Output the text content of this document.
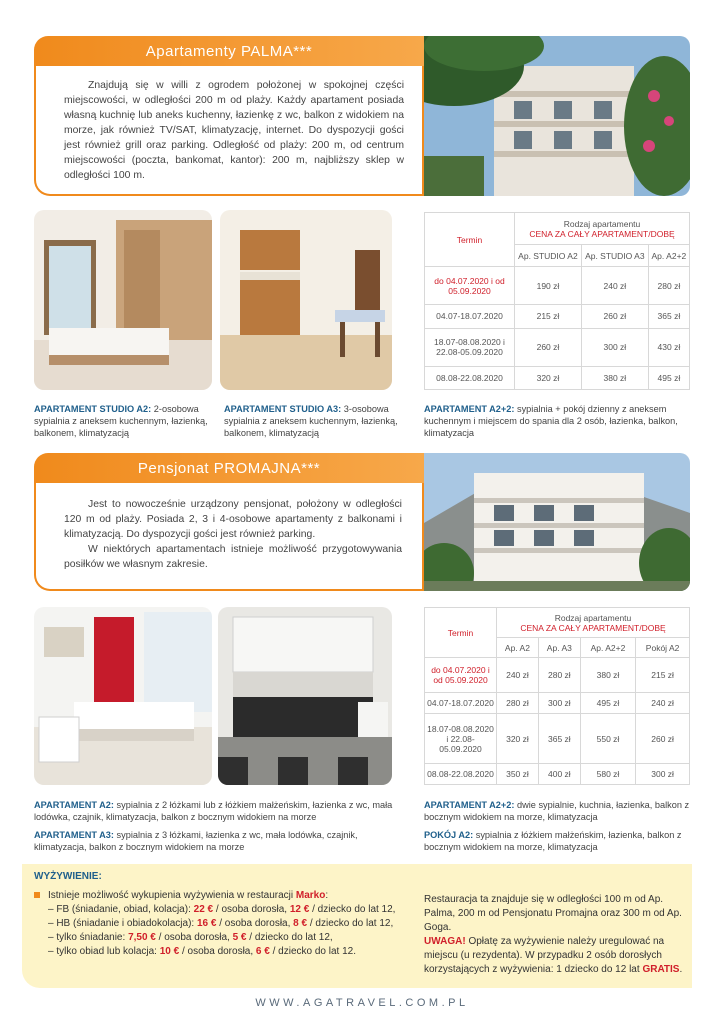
Apartamenty PALMA***

Znajdują się w willi z ogrodem położonej w spokojnej części miejscowości, w odległości 200 m od plaży. Każdy apartament posiada własną kuchnię lub aneks kuchenny, łazienkę z wc, balkon z widokiem na morze, jak również TV/SAT, klimatyzację, internet. Do dyspozycji gości jest również grill oraz parking. Odległość od plaży: 200 m, od centrum miejscowości (poczta, bankomat, kantor): 200 m, najbliższy sklep w odległości 100 m.

Termin	Rodzaj apartamentu
CENA ZA CAŁY APARTAMENT/DOBĘ		

	Ap. STUDIO A2	Ap. STUDIO A3	Ap. A2+2
do 04.07.2020 i od 05.09.2020	190 zł	240 zł	280 zł
04.07-18.07.2020	215 zł	260 zł	365 zł
18.07-08.08.2020 i 22.08-05.09.2020	260 zł	300 zł	430 zł
08.08-22.08.2020	320 zł	380 zł	495 zł
APARTAMENT STUDIO A2: 2-osobowa sypialnia z aneksem kuchennym, łazienką, balkonem, klimatyzacją
APARTAMENT STUDIO A3: 3-osobowa sypialnia z aneksem kuchennym, łazienką, balkonem, klimatyzacją
APARTAMENT A2+2: sypialnia + pokój dzienny z aneksem kuchennym i miejscem do spania dla 2 osób, łazienka, balkon, klimatyzacja
Pensjonat PROMAJNA***

Jest to nowocześnie urządzony pensjonat, położony w odległości 120 m od plaży. Posiada 2, 3 i 4-osobowe apartamenty z balkonami i klimatyzacją. Do dyspozycji gości jest również parking.

W niektórych apartamentach istnieje możliwość przygotowywania posiłków we własnym zakresie.

Termin	Rodzaj apartamentu
CENA ZA CAŁY APARTAMENT/DOBĘ			

	Ap. A2	Ap. A3	Ap. A2+2	Pokój A2
do 04.07.2020 i od 05.09.2020	240 zł	280 zł	380 zł	215 zł
04.07-18.07.2020	280 zł	300 zł	495 zł	240 zł
18.07-08.08.2020 i 22.08-05.09.2020	320 zł	365 zł	550 zł	260 zł
08.08-22.08.2020	350 zł	400 zł	580 zł	300 zł
APARTAMENT A2: sypialnia z 2 łóżkami lub z łóżkiem małżeńskim, łazienka z wc, mała lodówka, czajnik, klimatyzacja, balkon z bocznym widokiem na morze
APARTAMENT A3: sypialnia z 3 łóżkami, łazienka z wc, mała lodówka, czajnik, klimatyzacja, balkon z bocznym widokiem na morze
APARTAMENT A2+2: dwie sypialnie, kuchnia, łazienka, balkon z bocznym widokiem na morze, klimatyzacja
POKÓJ A2: sypialnia z łóżkiem małżeńskim, łazienka, balkon z bocznym widokiem na morze, klimatyzacja
WYŻYWIENIE:
Istnieje możliwość wykupienia wyżywienia w restauracji Marko:
– FB (śniadanie, obiad, kolacja): 22 € / osoba dorosła, 12 € / dziecko do lat 12,
– HB (śniadanie i obiadokolacja): 16 € / osoba dorosła, 8 € / dziecko do lat 12,
– tylko śniadanie: 7,50 € / osoba dorosła, 5 € / dziecko do lat 12,
– tylko obiad lub kolacja: 10 € / osoba dorosła, 6 € / dziecko do lat 12.
Restauracja ta znajduje się w odległości 100 m od Ap. Palma, 200 m od Pensjonatu Promajna oraz 300 m od Ap. Goga.
UWAGA! Opłatę za wyżywienie należy uregulować na miejscu (u rezydenta). W przypadku 2 osób dorosłych korzystających z wyżywienia: 1 dziecko do 12 lat GRATIS.
WWW.AGATRAVEL.COM.PL
